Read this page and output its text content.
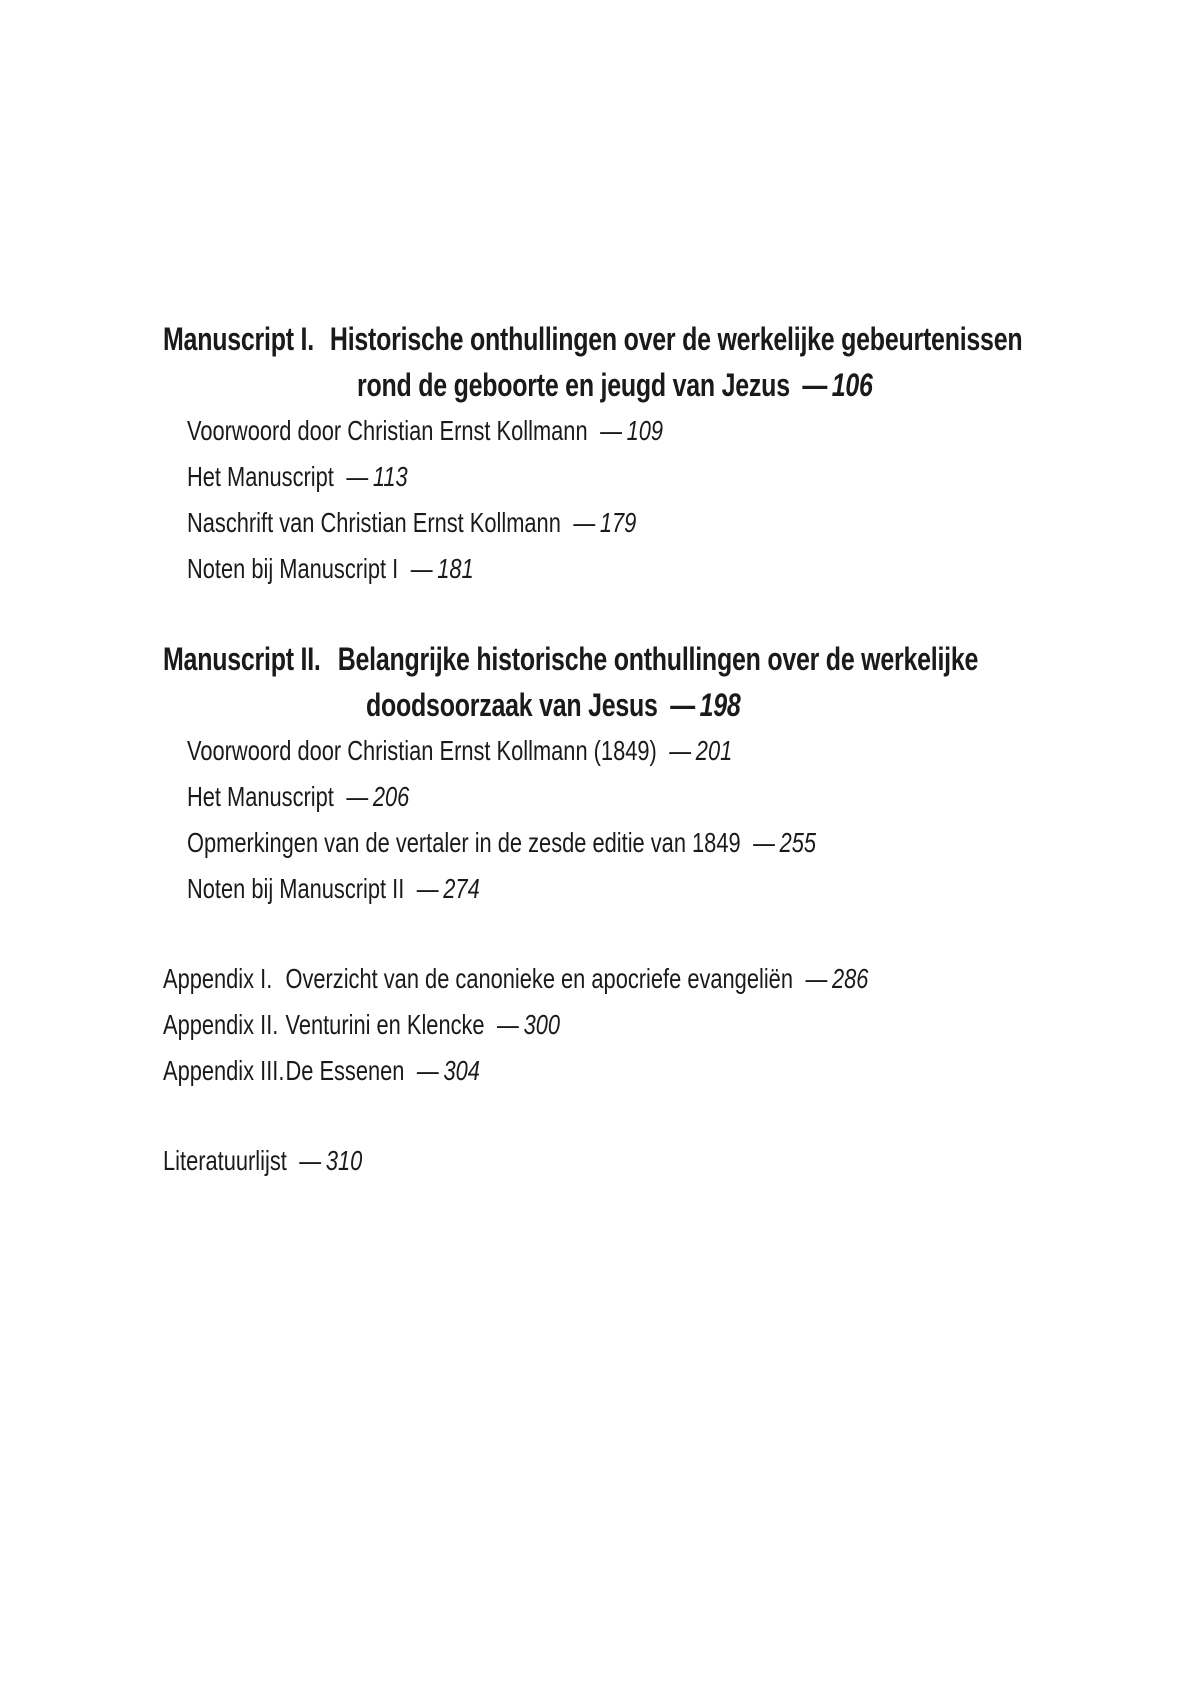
Manuscript I. Historische onthullingen over de werkelijke gebeurtenissen
rond de geboorte en jeugd van Jezus — 106
Voorwoord door Christian Ernst Kollmann — 109
Het Manuscript — 113
Naschrift van Christian Ernst Kollmann — 179
Noten bij Manuscript I — 181
Manuscript II. Belangrijke historische onthullingen over de werkelijke
doodsoorzaak van Jesus — 198
Voorwoord door Christian Ernst Kollmann (1849) — 201
Het Manuscript — 206
Opmerkingen van de vertaler in de zesde editie van 1849 — 255
Noten bij Manuscript II — 274
Appendix I. Overzicht van de canonieke en apocriefe evangeliën — 286
Appendix II. Venturini en Klencke — 300
Appendix III.De Essenen — 304
Literatuurlijst — 310
